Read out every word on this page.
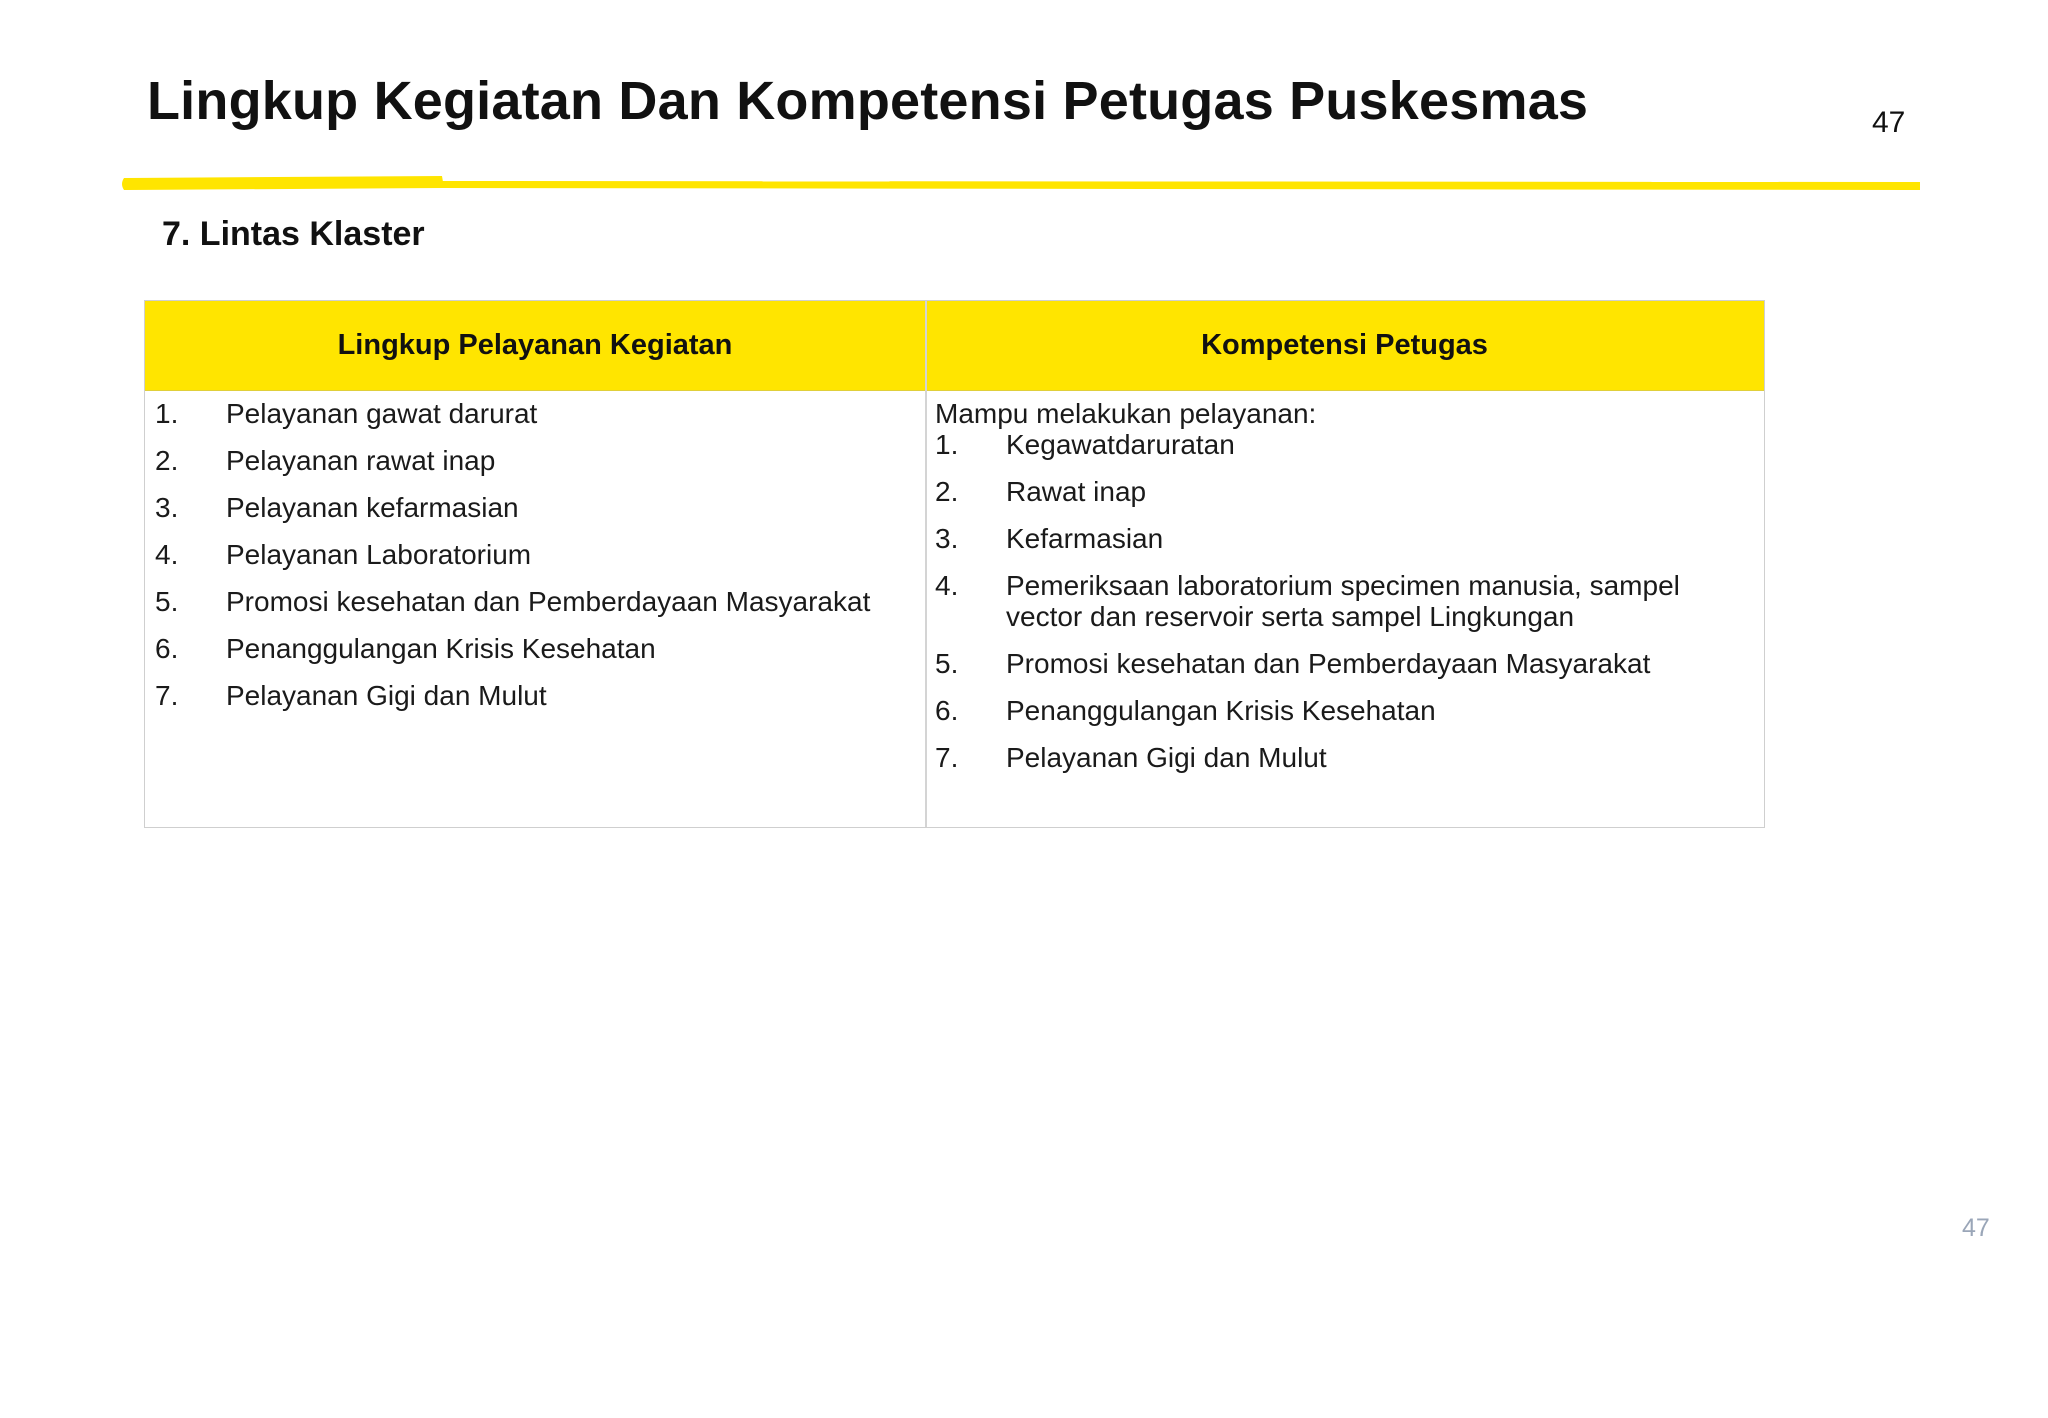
Lingkup Kegiatan Dan Kompetensi Petugas Puskesmas	47
7. Lintas Klaster
Lingkup Pelayanan Kegiatan	Kompetensi Petugas
1. Pelayanan gawat darurat
2. Pelayanan rawat inap
3. Pelayanan kefarmasian
4. Pelayanan Laboratorium
5. Promosi kesehatan dan Pemberdayaan Masyarakat
6. Penanggulangan Krisis Kesehatan
7. Pelayanan Gigi dan Mulut
Mampu melakukan pelayanan:
1. Kegawatdaruratan
2. Rawat inap
3. Kefarmasian
4. Pemeriksaan laboratorium specimen manusia, sampel vector dan reservoir serta sampel Lingkungan
5. Promosi kesehatan dan Pemberdayaan Masyarakat
6. Penanggulangan Krisis Kesehatan
7. Pelayanan Gigi dan Mulut
47
